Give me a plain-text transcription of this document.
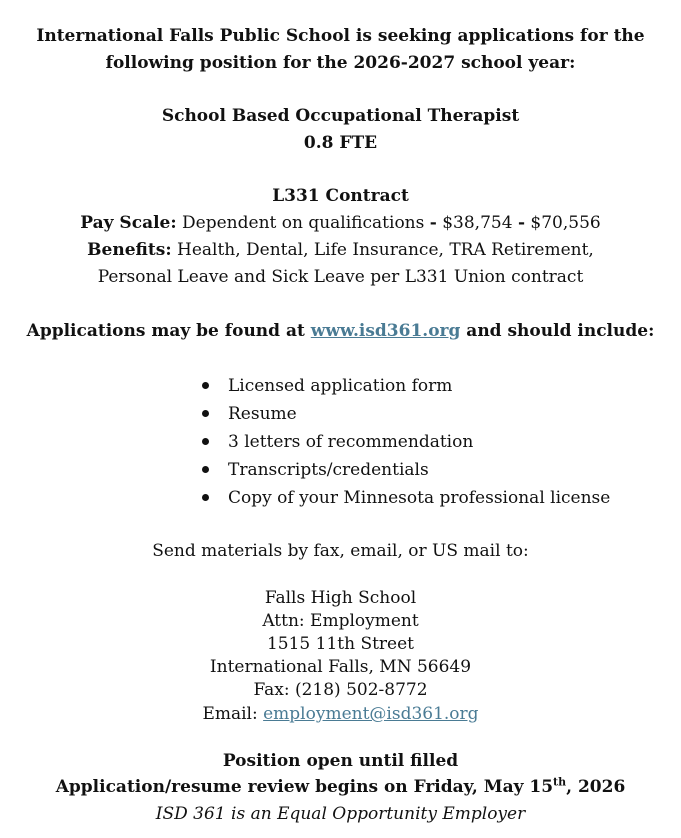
International Falls Public School is seeking applications for the
following position for the 2026-2027 school year:
School Based Occupational Therapist
0.8 FTE
L331 Contract
Pay Scale: Dependent on qualifications - $38,754 - $70,556
Benefits: Health, Dental, Life Insurance, TRA Retirement,
Personal Leave and Sick Leave per L331 Union contract
Applications may be found at www.isd361.org and should include:
Licensed application form
Resume
3 letters of recommendation
Transcripts/credentials
Copy of your Minnesota professional license
Send materials by fax, email, or US mail to:
Falls High School
Attn: Employment
1515 11th Street
International Falls, MN 56649
Fax: (218) 502-8772
Email: employment@isd361.org
Position open until filled
Application/resume review begins on Friday, May 15th, 2026
ISD 361 is an Equal Opportunity Employer
